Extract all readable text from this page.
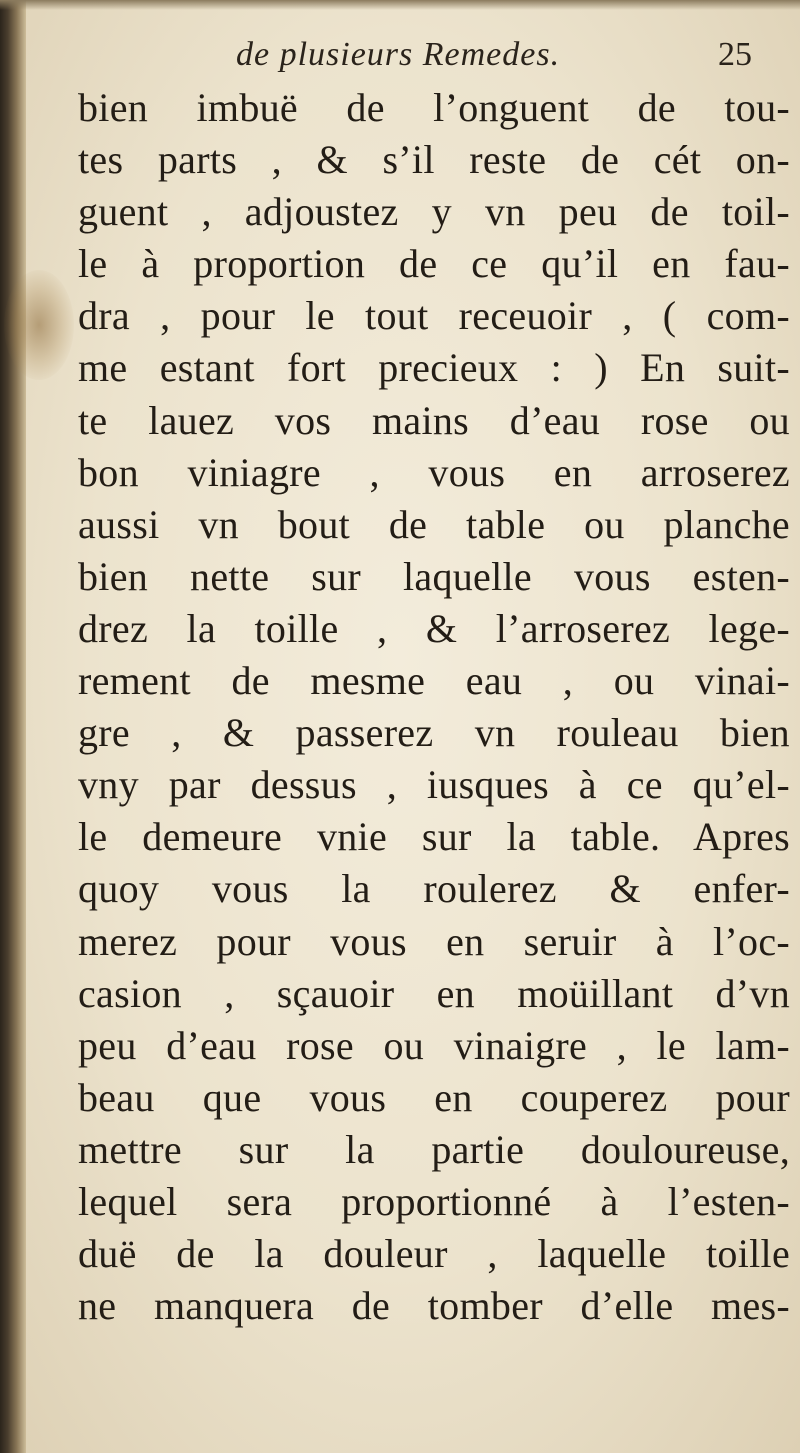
de plusieurs Remedes.	25
bien imbuë de l’onguent de tou-
tes parts , & s’il reste de cét on-
guent , adjoustez y vn peu de toil-
le à proportion de ce qu’il en fau-
dra , pour le tout receuoir , ( com-
me estant fort precieux : ) En suit-
te lauez vos mains d’eau rose ou
bon viniagre , vous en arroserez
aussi vn bout de table ou planche
bien nette sur laquelle vous esten-
drez la toille , & l’arroserez lege-
rement de mesme eau , ou vinai-
gre , & passerez vn rouleau bien
vny par dessus , iusques à ce qu’el-
le demeure vnie sur la table. Apres
quoy vous la roulerez & enfer-
merez pour vous en seruir à l’oc-
casion , sçauoir en moüillant d’vn
peu d’eau rose ou vinaigre , le lam-
beau que vous en couperez pour
mettre sur la partie douloureuse,
lequel sera proportionné à l’esten-
duë de la douleur , laquelle toille
ne manquera de tomber d’elle mes-
